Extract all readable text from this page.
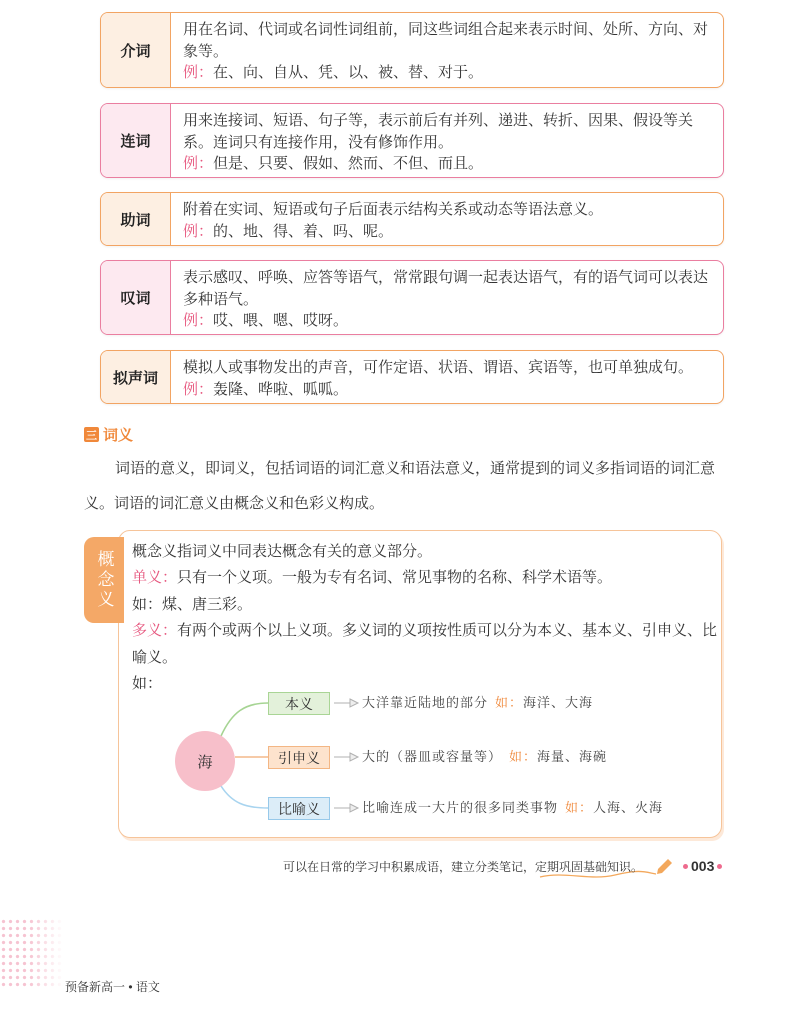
介词
用在名词、代词或名词性词组前，同这些词组合起来表示时间、处所、方向、对象等。
例：在、向、自从、凭、以、被、替、对于。
连词
用来连接词、短语、句子等，表示前后有并列、递进、转折、因果、假设等关系。连词只有连接作用，没有修饰作用。
例：但是、只要、假如、然而、不但、而且。
助词
附着在实词、短语或句子后面表示结构关系或动态等语法意义。
例：的、地、得、着、吗、呢。
叹词
表示感叹、呼唤、应答等语气，常常跟句调一起表达语气，有的语气词可以表达多种语气。
例：哎、喂、嗯、哎呀。
拟声词
模拟人或事物发出的声音，可作定语、状语、谓语、宾语等，也可单独成句。
例：轰隆、哗啦、呱呱。
三 词义
词语的意义，即词义，包括词语的词汇意义和语法意义，通常提到的词义多指词语的词汇意义。词语的词汇意义由概念义和色彩义构成。
概念义 概念义指词义中同表达概念有关的意义部分。
单义：只有一个义项。一般为专有名词、常见事物的名称、科学术语等。
如：煤、唐三彩。
多义：有两个或两个以上义项。多义词的义项按性质可以分为本义、基本义、引申义、比喻义。
如：
海
本义
引申义
比喻义
大洋靠近陆地的部分 如：海洋、大海
大的（器皿或容量等） 如：海量、海碗
比喻连成一大片的很多同类事物 如：人海、火海
可以在日常的学习中积累成语，建立分类笔记，定期巩固基础知识。	003
预备新高一 • 语文
